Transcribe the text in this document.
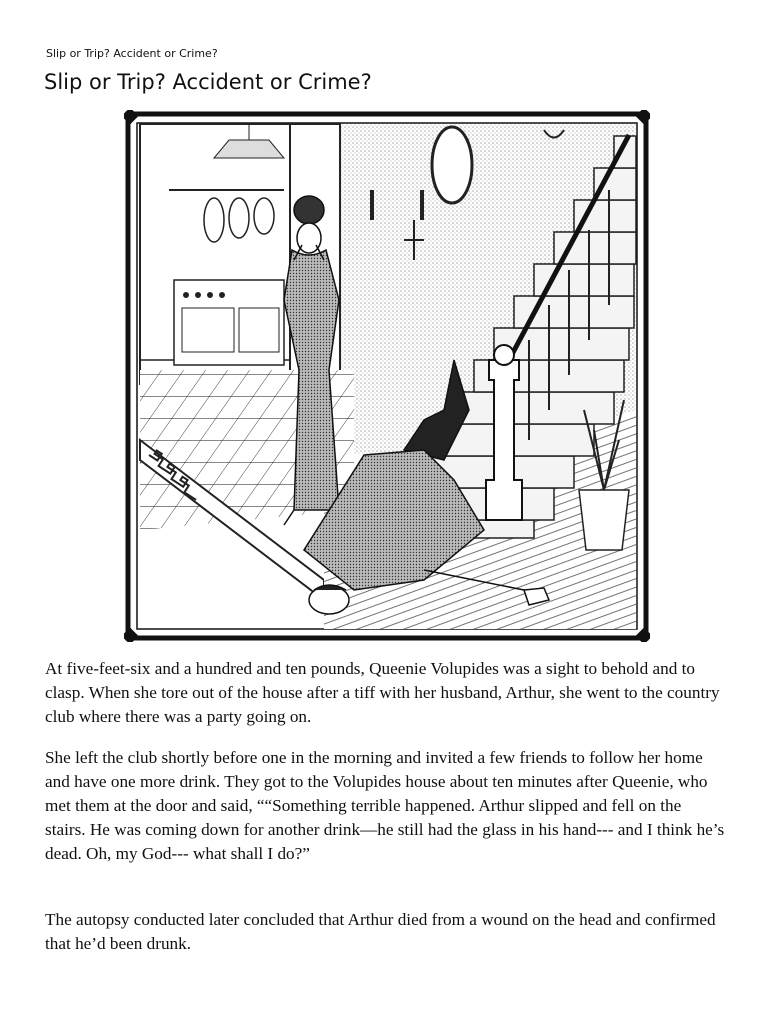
Slip or Trip? Accident or Crime?
Slip or Trip? Accident or Crime?

At five-feet-six and a hundred and ten pounds, Queenie Volupides was a sight to behold and to clasp. When she tore out of the house after a tiff with her husband, Arthur, she went to the country club where there was a party going on.

She left the club shortly before one in the morning and invited a few friends to follow her home and have one more drink. They got to the Volupides house about ten minutes after Queenie, who met them at the door and said, ““Something terrible happened. Arthur slipped and fell on the stairs. He was coming down for another drink—he still had the glass in his hand--- and I think he’s dead. Oh, my God--- what shall I do?”

The autopsy conducted later concluded that Arthur died from a wound on the head and confirmed that he’d been drunk.
